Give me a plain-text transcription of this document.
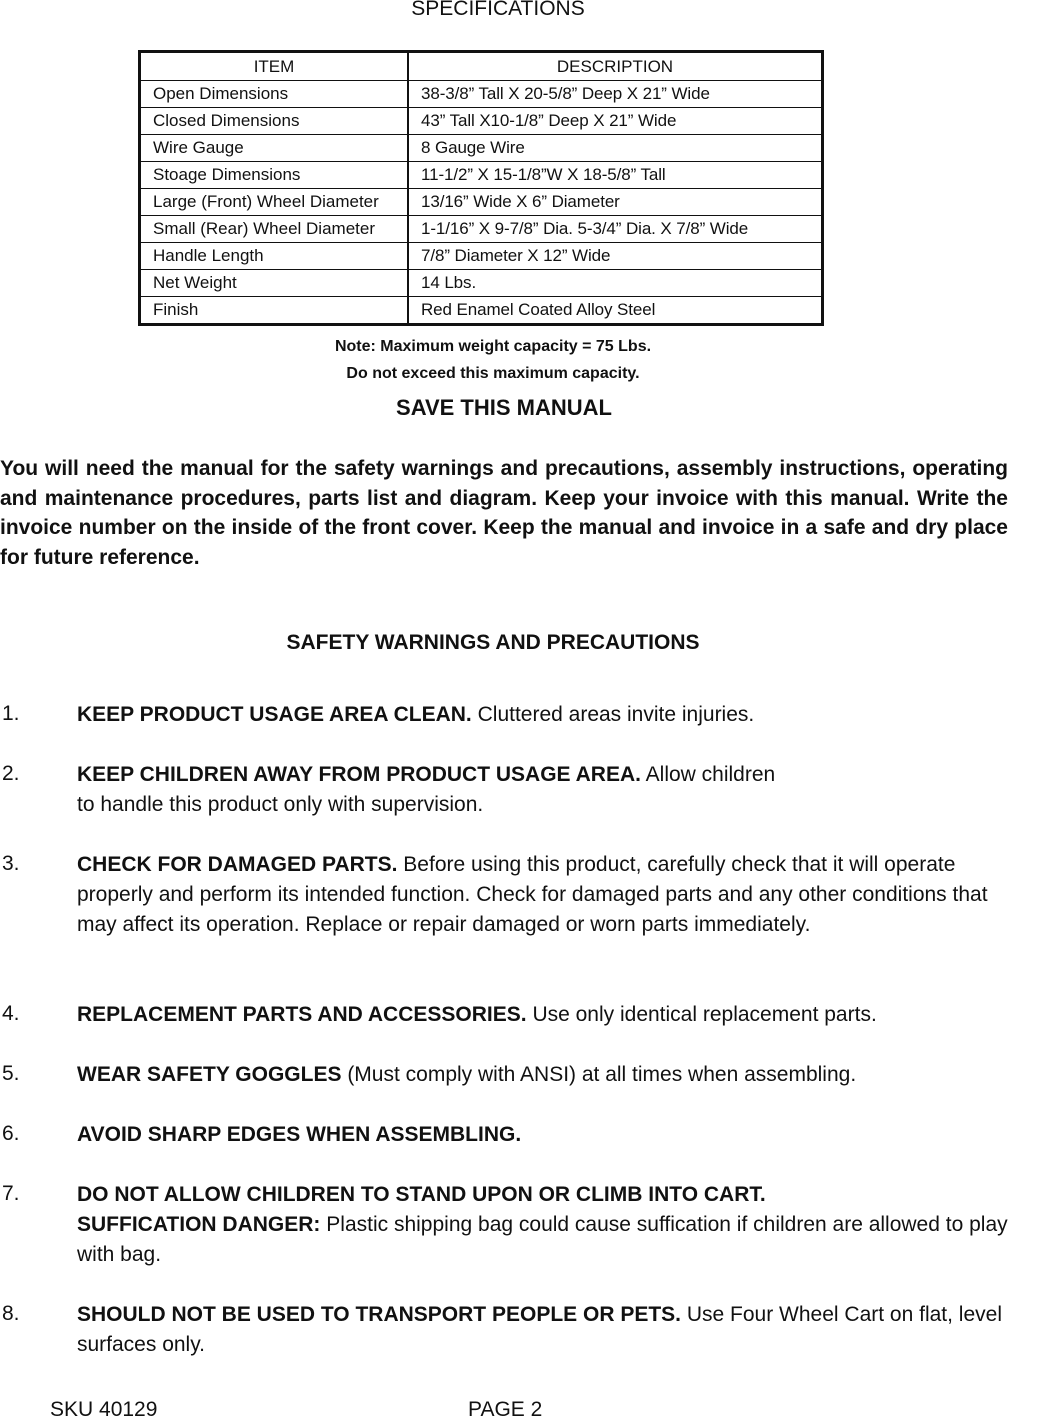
SPECIFICATIONS
ITEM	DESCRIPTION
Open Dimensions	38-3/8” Tall X 20-5/8” Deep X 21” Wide
Closed Dimensions	43” Tall X10-1/8” Deep X 21” Wide
Wire Gauge	8 Gauge Wire
Stoage Dimensions	11-1/2” X 15-1/8”W X 18-5/8” Tall
Large (Front) Wheel Diameter	13/16” Wide X 6” Diameter
Small (Rear) Wheel Diameter	1-1/16” X 9-7/8” Dia. 5-3/4” Dia. X 7/8” Wide
Handle Length	7/8” Diameter X 12” Wide
Net Weight	14 Lbs.
Finish	Red Enamel Coated Alloy Steel
Note: Maximum weight capacity = 75 Lbs.
Do not exceed this maximum capacity.
SAVE THIS MANUAL
You will need the manual for the safety warnings and precautions, assembly instructions, operating and maintenance procedures, parts list and diagram. Keep your invoice with this manual. Write the invoice number on the inside of the front cover. Keep the manual and invoice in a safe and dry place for future reference.
SAFETY WARNINGS AND PRECAUTIONS
1.	KEEP PRODUCT USAGE AREA CLEAN. Cluttered areas invite injuries.
2.	KEEP CHILDREN AWAY FROM PRODUCT USAGE AREA. Allow children
to handle this product only with supervision.
3.	CHECK FOR DAMAGED PARTS. Before using this product, carefully check that it will operate properly and perform its intended function. Check for damaged parts and any other conditions that may affect its operation. Replace or repair damaged or worn parts immediately.
4.	REPLACEMENT PARTS AND ACCESSORIES. Use only identical replacement parts.
5.	WEAR SAFETY GOGGLES (Must comply with ANSI) at all times when assembling.
6.	AVOID SHARP EDGES WHEN ASSEMBLING.
7.	DO NOT ALLOW CHILDREN TO STAND UPON OR CLIMB INTO CART.
SUFFICATION DANGER: Plastic shipping bag could cause suffication if children are allowed to play with bag.
8.	SHOULD NOT BE USED TO TRANSPORT PEOPLE OR PETS. Use Four Wheel Cart on flat, level surfaces only.
SKU 40129	PAGE 2
